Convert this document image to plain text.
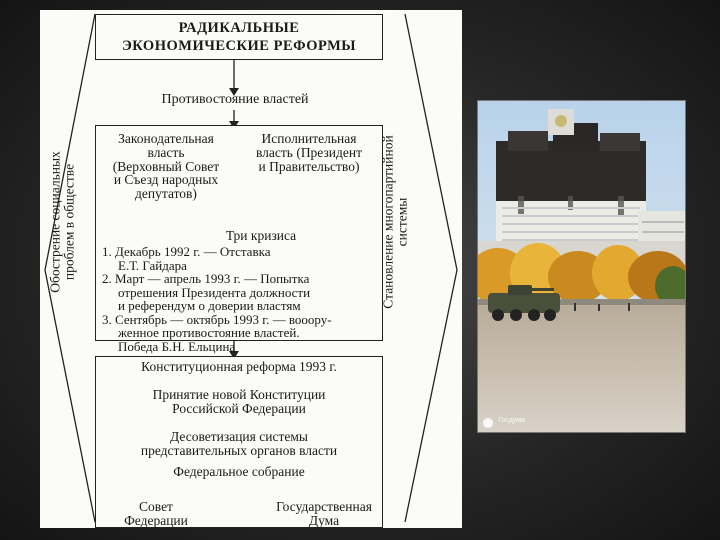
РАДИКАЛЬНЫЕ
ЭКОНОМИЧЕСКИЕ РЕФОРМЫ
Противостояние властей
Законодательная
власть
(Верховный Совет
и Съезд народных
депутатов)
Исполнительная
власть (Президент
и Правительство)
Три кризиса
1. Декабрь 1992 г. — Отставка
Е.Т. Гайдара
2. Март — апрель 1993 г. — Попытка
отрешения Президента должности
и референдум о доверии властям
3. Сентябрь — октябрь 1993 г. — вооору-
женное противостояние властей.
Победа Б.Н. Ельцина
Конституционная реформа 1993 г.
Принятие новой Конституции
Российской Федерации
Десоветизация системы
представительных органов власти
Федеральное собрание
Совет
Федерации
Государственная
Дума
Обострение социальных
проблем в обществе	Становление многопартийной
системы
Госдума
